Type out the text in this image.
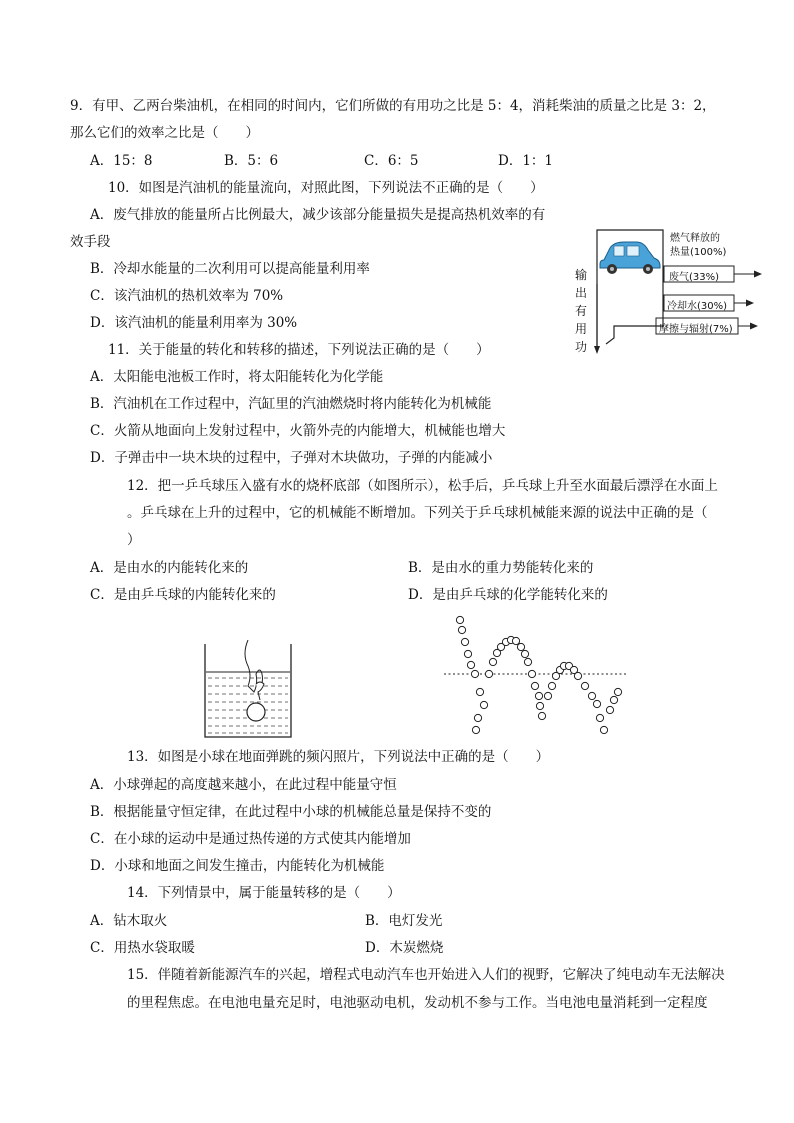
9．有甲、乙两台柴油机，在相同的时间内，它们所做的有用功之比是 5：4，消耗柴油的质量之比是 3：2，
那么它们的效率之比是（　　）
A．15：8	B．5：6	C．6：5	D．1：1
10．如图是汽油机的能量流向，对照此图，下列说法不正确的是（　　）
A．废气排放的能量所占比例最大，减少该部分能量损失是提高热机效率的有
效手段
B．冷却水能量的二次利用可以提高能量利用率
C．该汽油机的热机效率为 70%
D．该汽油机的能量利用率为 30%
燃气释放的
热量(100%)
废气(33%)
冷却水(30%)
摩擦与辐射(7%)
输
出
有
用
功
11．关于能量的转化和转移的描述，下列说法正确的是（　　）
A．太阳能电池板工作时，将太阳能转化为化学能
B．汽油机在工作过程中，汽缸里的汽油燃烧时将内能转化为机械能
C．火箭从地面向上发射过程中，火箭外壳的内能增大，机械能也增大
D．子弹击中一块木块的过程中，子弹对木块做功，子弹的内能减小
12．把一乒乓球压入盛有水的烧杯底部（如图所示），松手后，乒乓球上升至水面最后漂浮在水面上
。乒乓球在上升的过程中，它的机械能不断增加。下列关于乒乓球机械能来源的说法中正确的是（
）
A．是由水的内能转化来的	B．是由水的重力势能转化来的
C．是由乒乓球的内能转化来的	D．是由乒乓球的化学能转化来的
13．如图是小球在地面弹跳的频闪照片，下列说法中正确的是（　　）
A．小球弹起的高度越来越小，在此过程中能量守恒
B．根据能量守恒定律，在此过程中小球的机械能总量是保持不变的
C．在小球的运动中是通过热传递的方式使其内能增加
D．小球和地面之间发生撞击，内能转化为机械能
14．下列情景中，属于能量转移的是（　　）
A．钻木取火	B．电灯发光
C．用热水袋取暖	D．木炭燃烧
15．伴随着新能源汽车的兴起，增程式电动汽车也开始进入人们的视野，它解决了纯电动车无法解决
的里程焦虑。在电池电量充足时，电池驱动电机，发动机不参与工作。当电池电量消耗到一定程度
